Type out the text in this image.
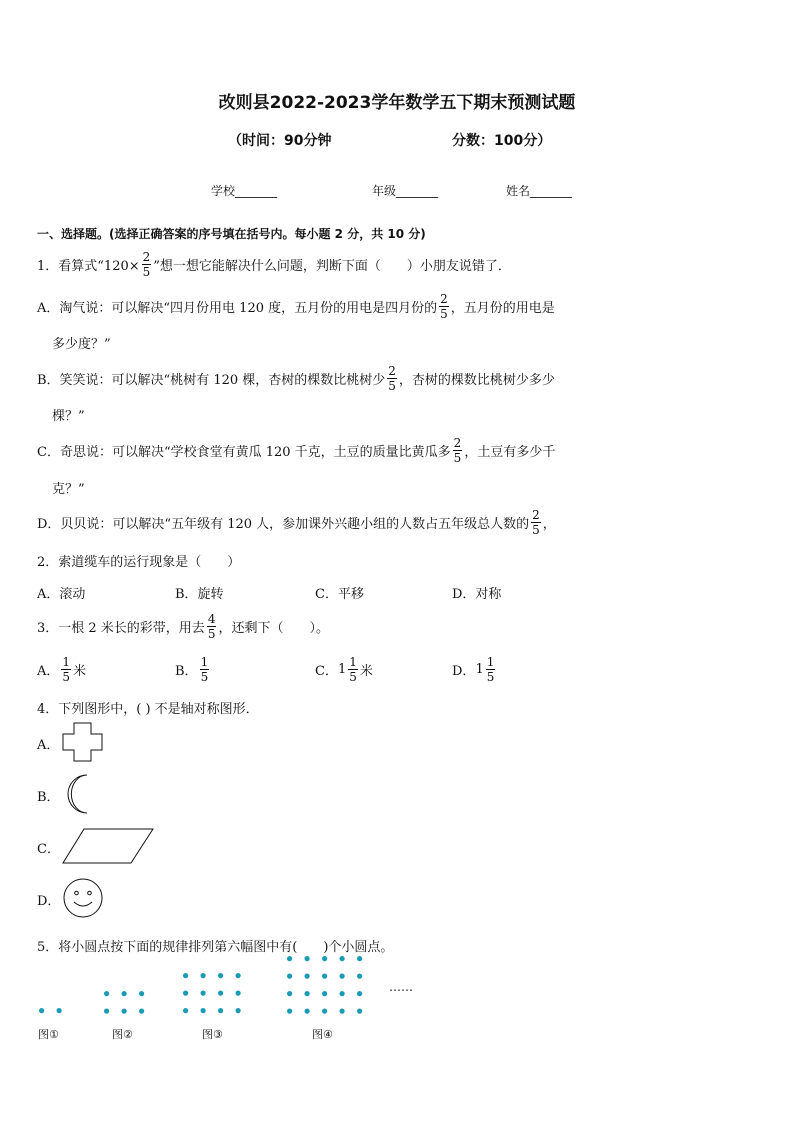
改则县2022-2023学年数学五下期末预测试题
（时间：90分钟	分数：100分）
学校_______	年级_______	姓名_______
一、选择题。(选择正确答案的序号填在括号内。每小题 2 分，共 10 分)
1．看算式“$120\times \frac{2}{5}$ ”想一想它能解决什么问题，判断下面（　　）小朋友说错了．
A．淘气说：可以解决“四月份用电 120 度，五月份的用电是四月份的 $\frac{2}{5}$ ，五月份的用电是
多少度？”
B．笑笑说：可以解决“桃树有 120 棵，杏树的棵数比桃树少 $\frac{2}{5}$ ，杏树的棵数比桃树少多少
棵？”
C．奇思说：可以解决“学校食堂有黄瓜 120 千克，土豆的质量比黄瓜多 $\frac{2}{5}$ ，土豆有多少千
克？”
D．贝贝说：可以解决“五年级有 120 人，参加课外兴趣小组的人数占五年级总人数的 $\frac{2}{5}$ ，
2．索道缆车的运行现象是（　　）
A．滚动	B．旋转	C．平移	D．对称
3．一根 2 米长的彩带，用去 $\frac{4}{5}$ ，还剩下（　　）。
A． $\frac{1}{5}$ 米	B． $\frac{1}{5}$	C． $1 \frac{1}{5}$ 米	D． $1 \frac{1}{5}$
4．下列图形中，( ) 不是轴对称图形．
A．
B．
C．
D．
5．将小圆点按下面的规律排列第六幅图中有(　　)个小圆点。
图①	图②	图③	图④
……
